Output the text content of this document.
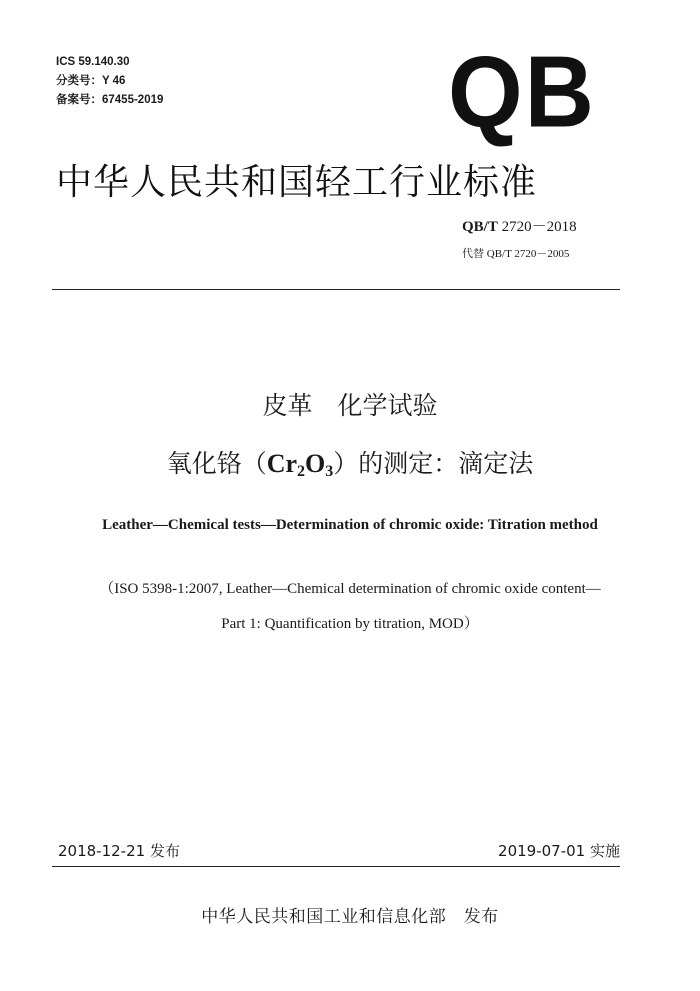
ICS 59.140.30
分类号：Y 46
备案号：67455-2019	QB
中华人民共和国轻工行业标准
QB/T 2720－2018
代替 QB/T 2720－2005
皮革　化学试验
氧化铬$(Cr_2O_3)$的测定：滴定法
Leather—Chemical tests—Determination of chromic oxide: Titration method
（ISO 5398-1:2007, Leather—Chemical determination of chromic oxide content—
Part 1: Quantification by titration, MOD）
2018-12-21 发布	2019-07-01 实施
中华人民共和国工业和信息化部　发布
